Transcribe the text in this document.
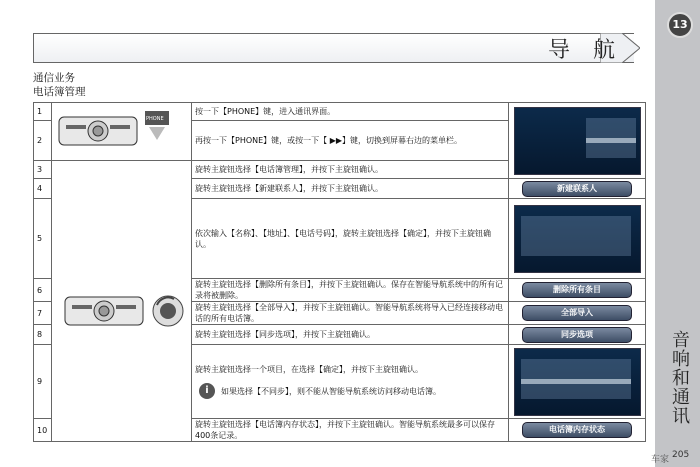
13
音响和通讯
205
车家
导 航
通信业务
电话簿管理
1	PHONE	按一下【PHONE】键，进入通讯界面。	

2		再按一下【PHONE】键，或按一下【 ▶▶】键，切换到屏幕右边的菜单栏。	
3		旋转主旋钮选择【电话簿管理】，并按下主旋钮确认。	
4		旋转主旋钮选择【新建联系人】，并按下主旋钮确认。	新建联系人
5		依次输入【名称】、【地址】、【电话号码】，旋转主旋钮选择【确定】，并按下主旋钮确认。	

6		旋转主旋钮选择【删除所有条目】，并按下主旋钮确认。保存在智能导航系统中的所有记录将被删除。	删除所有条目
7		旋转主旋钮选择【全部导入】，并按下主旋钮确认。智能导航系统将导入已经连接移动电话的所有电话簿。	全部导入
8		旋转主旋钮选择【同步选项】，并按下主旋钮确认。	同步选项
9		旋转主旋钮选择一个项目，在选择【确定】，并按下主旋钮确认。
i 如果选择【不同步】，则不能从智能导航系统访问移动电话簿。	

10		旋转主旋钮选择【电话簿内存状态】，并按下主旋钮确认。智能导航系统最多可以保存400条记录。	电话簿内存状态
